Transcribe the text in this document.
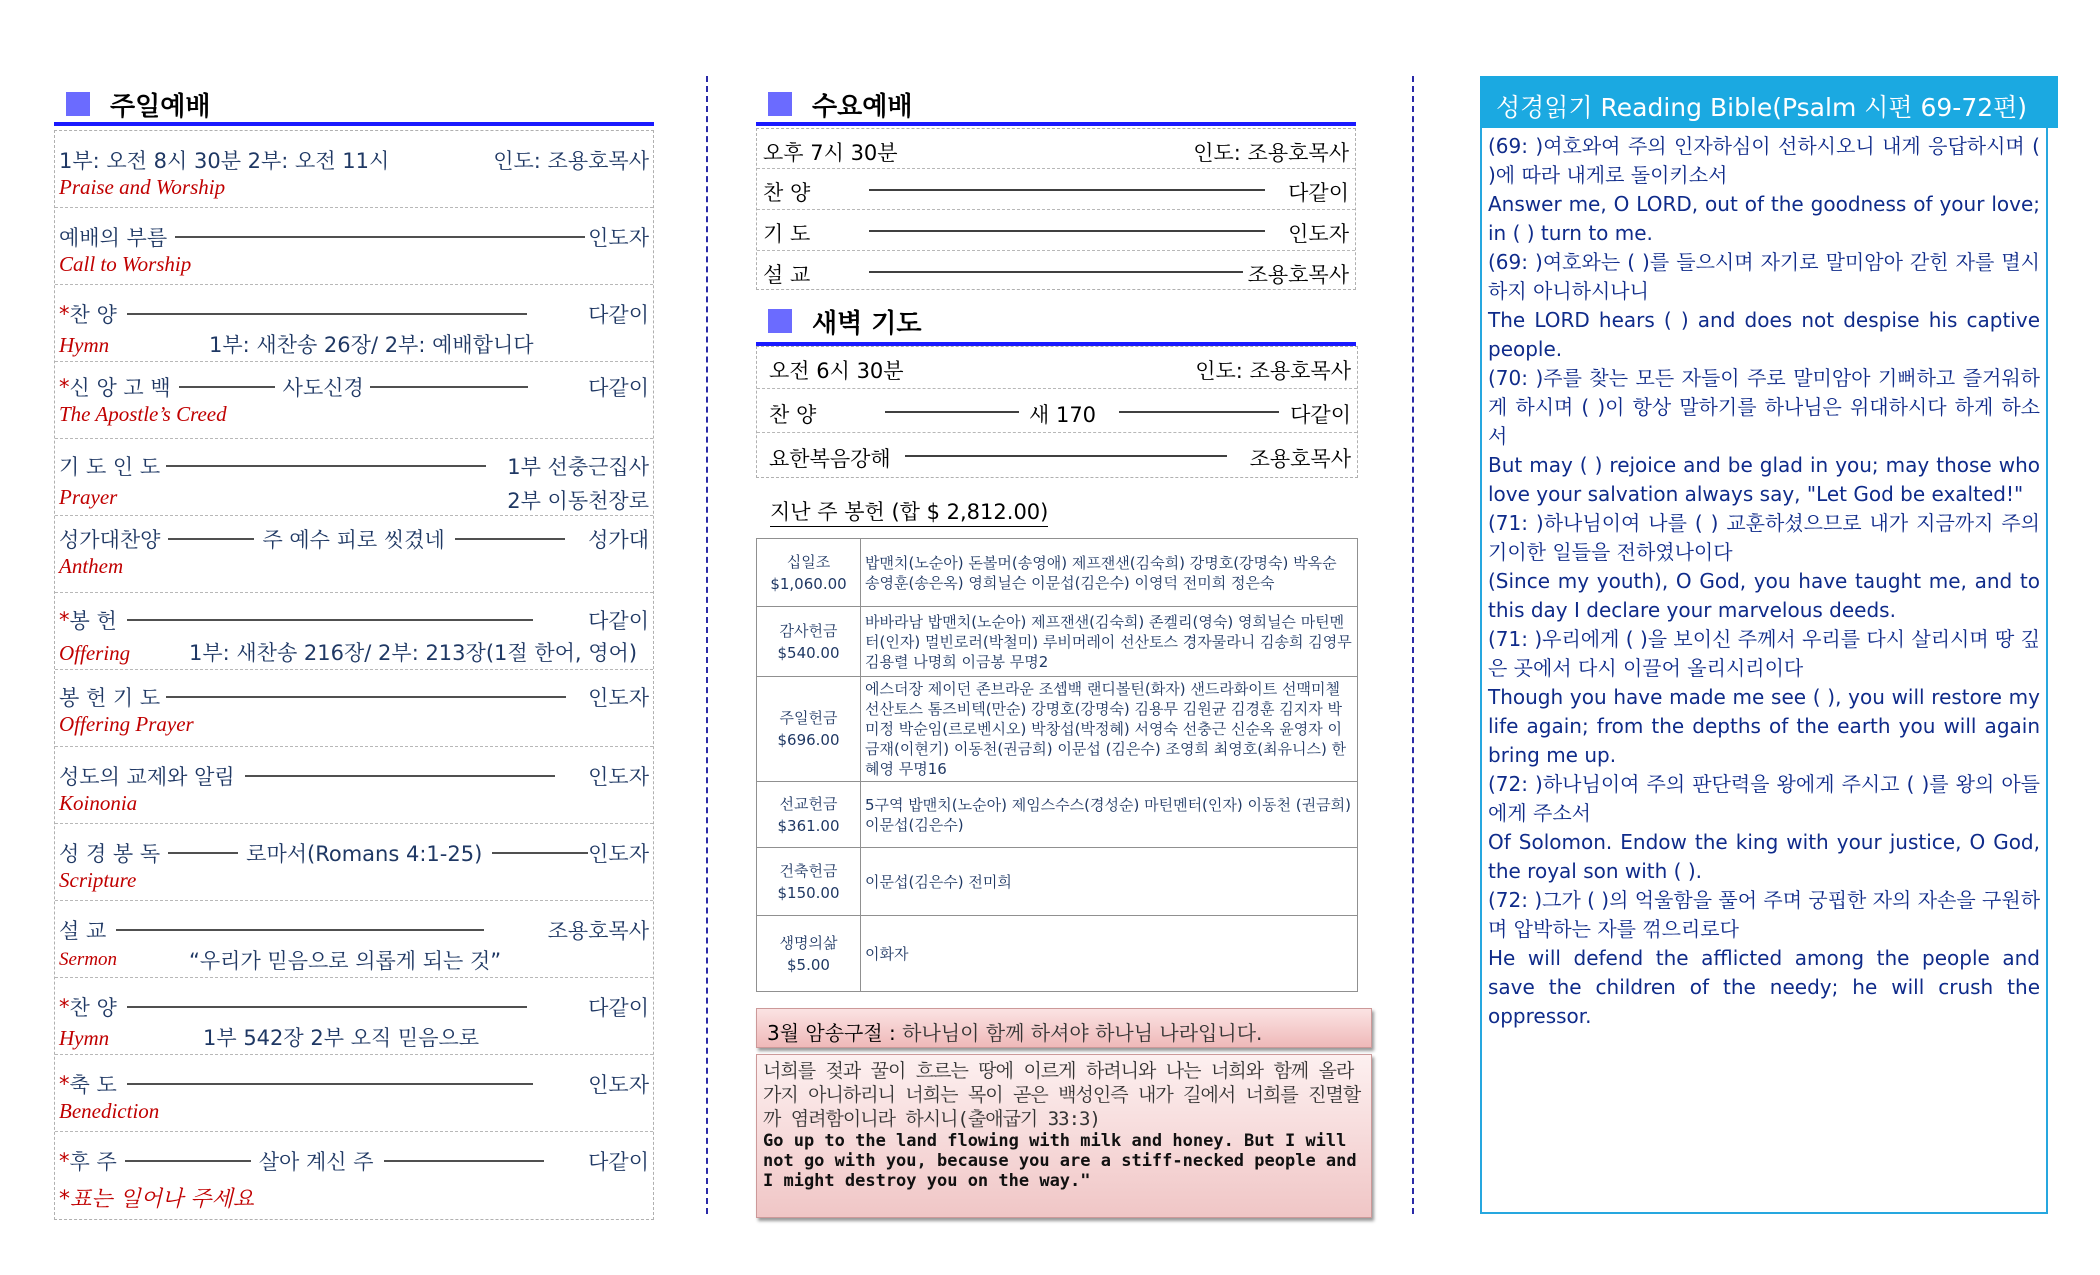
주일예배
1부: 오전 8시 30분 2부: 오전 11시	인도: 조용호목사
Praise and Worship
예배의 부름	인도자
Call to Worship
* 찬 양	다같이
Hymn	1부: 새찬송 26장/ 2부: 예배합니다
* 신 앙 고 백	사도신경	다같이
The Apostle’s Creed
기 도 인 도	1부 선충근집사
Prayer	2부 이동천장로
성가대찬양	주 예수 피로 씻겼네	성가대
Anthem
* 봉 헌	다같이
Offering	1부: 새찬송 216장/ 2부: 213장(1절 한어, 영어)
봉 헌 기 도	인도자
Offering Prayer
성도의 교제와 알림	인도자
Koinonia
성 경 봉 독	로마서(Romans 4:1-25)	인도자
Scripture
설 교	조용호목사
Sermon	“우리가 믿음으로 의롭게 되는 것”
* 찬 양	다같이
Hymn	1부 542장 2부 오직 믿음으로
* 축 도	인도자
Benediction
* 후 주	살아 계신 주	다같이
*표는 일어나 주세요
수요예배
오후 7시 30분	인도: 조용호목사
찬 양	다같이
기 도	인도자
설 교	조용호목사
새벽 기도
오전 6시 30분	인도: 조용호목사
찬 양	새 170	다같이
요한복음강해	조용호목사
지난 주 봉헌 (합 $ 2,812.00)
십일조
$1,060.00	밥맨치(노순아) 돈볼머(송영애) 제프잰샌(김숙희) 강명호(강명숙) 박옥순 송영훈(송은옥) 영희닐슨 이문섭(김은수) 이영덕 전미희 정은숙

감사헌금
$540.00	바바라남 밥맨치(노순아) 제프잰샌(김숙희) 존켈리(영숙) 영희닐슨 마틴멘터(인자) 멀빈로러(박철미) 루비머레이 선산토스 경자물라니 김송희 김영무 김용렬 나명희 이금봉 무명2

주일헌금
$696.00	에스더장 제이던 존브라운 조셉백 랜디볼틴(화자) 샌드라화이트 선맥미첼 선산토스 톰즈비텍(만순) 강명호(강명숙) 김용무 김원균 김경훈 김지자 박미정 박순임(르로벤시오) 박창섭(박정혜) 서영숙 선충근 신순옥 윤영자 이금재(이현기) 이동천(권금희) 이문섭 (김은수) 조영희 최영호(최유니스) 한혜영 무명16

선교헌금
$361.00	5구역 밥맨치(노순아) 제임스수스(경성순) 마틴멘터(인자) 이동천 (권금희) 이문섭(김은수)

건축헌금
$150.00	이문섭(김은수) 전미희

생명의삶
$5.00	이화자
3월 암송구절 : 하나님이 함께 하셔야 하나님 나라입니다.
너희를 젖과 꿀이 흐르는 땅에 이르게 하려니와 나는 너희와 함께 올라가지 아니하리니 너희는 목이 곧은 백성인즉 내가 길에서 너희를 진멸할까 염려함이니라 하시니(출애굽기 33:3)
Go up to the land flowing with milk and honey. But I will not go with you, because you are a stiff-necked people and I might destroy you on the way."
성경읽기 Reading Bible(Psalm 시편 69-72편)

(69: )여호와여 주의 인자하심이 선하시오니 내게 응답하시며 ( )에 따라 내게로 돌이키소서

Answer me, O LORD, out of the goodness of your love; in ( ) turn to me.

(69: )여호와는 ( )를 들으시며 자기로 말미암아 갇힌 자를 멸시하지 아니하시나니

The LORD hears ( ) and does not despise his captive people.

(70: )주를 찾는 모든 자들이 주로 말미암아 기뻐하고 즐거워하게 하시며 ( )이 항상 말하기를 하나님은 위대하시다 하게 하소서

But may ( ) rejoice and be glad in you; may those who love your salvation always say, "Let God be exalted!"

(71: )하나님이여 나를 ( ) 교훈하셨으므로 내가 지금까지 주의 기이한 일들을 전하였나이다

(Since my youth), O God, you have taught me, and to this day I declare your marvelous deeds.

(71: )우리에게 ( )을 보이신 주께서 우리를 다시 살리시며 땅 깊은 곳에서 다시 이끌어 올리시리이다

Though you have made me see ( ), you will restore my life again; from the depths of the earth you will again bring me up.

(72: )하나님이여 주의 판단력을 왕에게 주시고 ( )를 왕의 아들에게 주소서

Of Solomon. Endow the king with your justice, O God, the royal son with ( ).

(72: )그가 ( )의 억울함을 풀어 주며 궁핍한 자의 자손을 구원하며 압박하는 자를 꺾으리로다

He will defend the afflicted among the people and save the children of the needy; he will crush the oppressor.
